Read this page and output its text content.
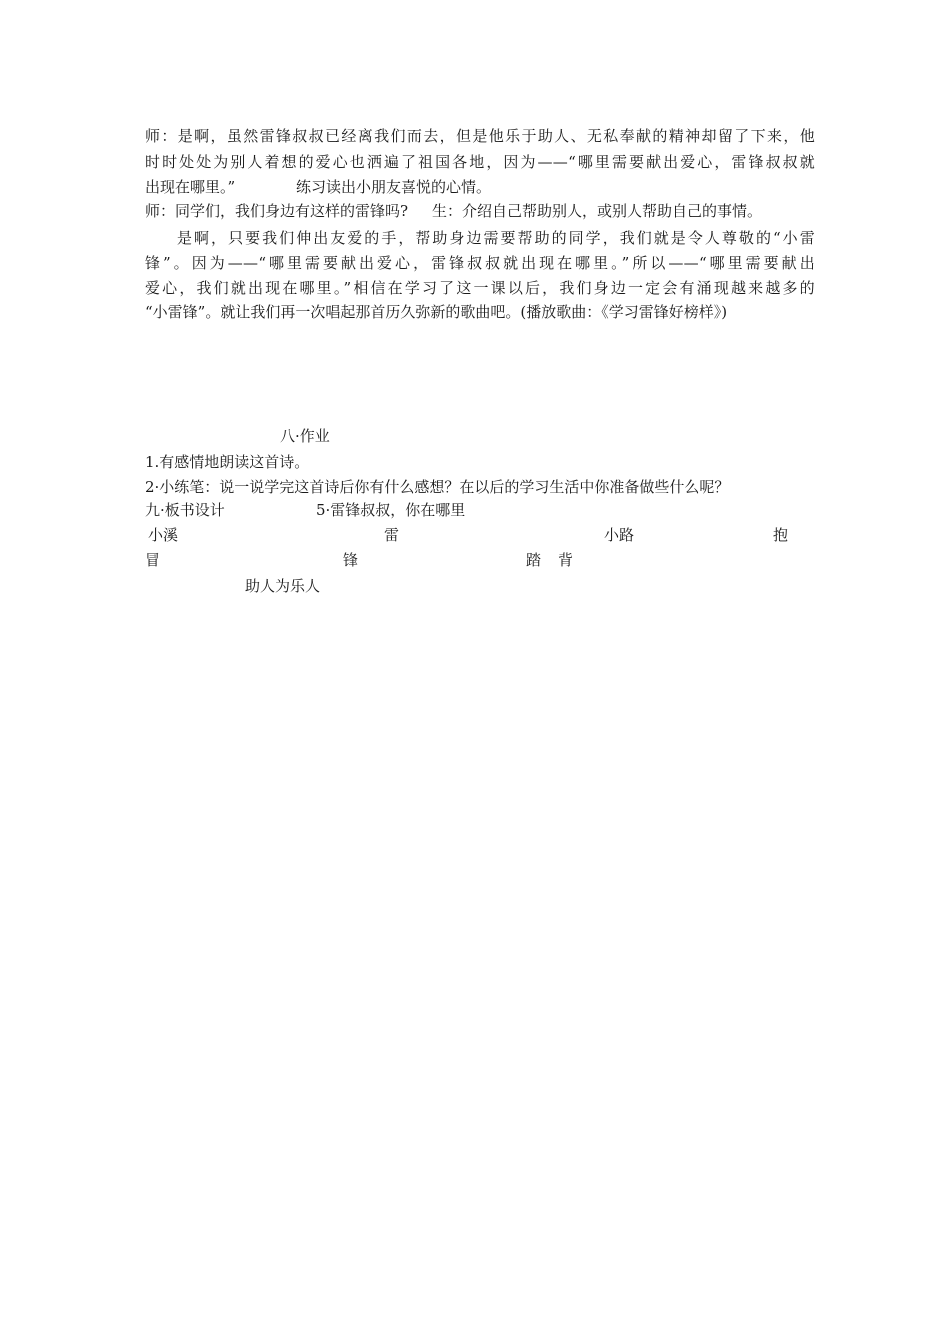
师：是啊，虽然雷锋叔叔已经离我们而去，但是他乐于助人、无私奉献的精神却留了下来，他
时时处处为别人着想的爱心也洒遍了祖国各地，因为——“哪里需要献出爱心，雷锋叔叔就
出现在哪里。”	练习读出小朋友喜悦的心情。
师：同学们，我们身边有这样的雷锋吗? 生：介绍自己帮助别人，或别人帮助自己的事情。
是啊，只要我们伸出友爱的手，帮助身边需要帮助的同学，我们就是令人尊敬的“小雷
锋”。因为——“哪里需要献出爱心，雷锋叔叔就出现在哪里。”所以——“哪里需要献出
爱心，我们就出现在哪里。”相信在学习了这一课以后，我们身边一定会有涌现越来越多的
“小雷锋”。就让我们再一次唱起那首历久弥新的歌曲吧。(播放歌曲：《学习雷锋好榜样》)
八·作业
1.有感情地朗读这首诗。
2·小练笔：说一说学完这首诗后你有什么感想？在以后的学习生活中你准备做些什么呢？
九·板书设计	5·雷锋叔叔，你在哪里
小溪	雷	小路	抱
冒	锋	踏 背
助人为乐人
